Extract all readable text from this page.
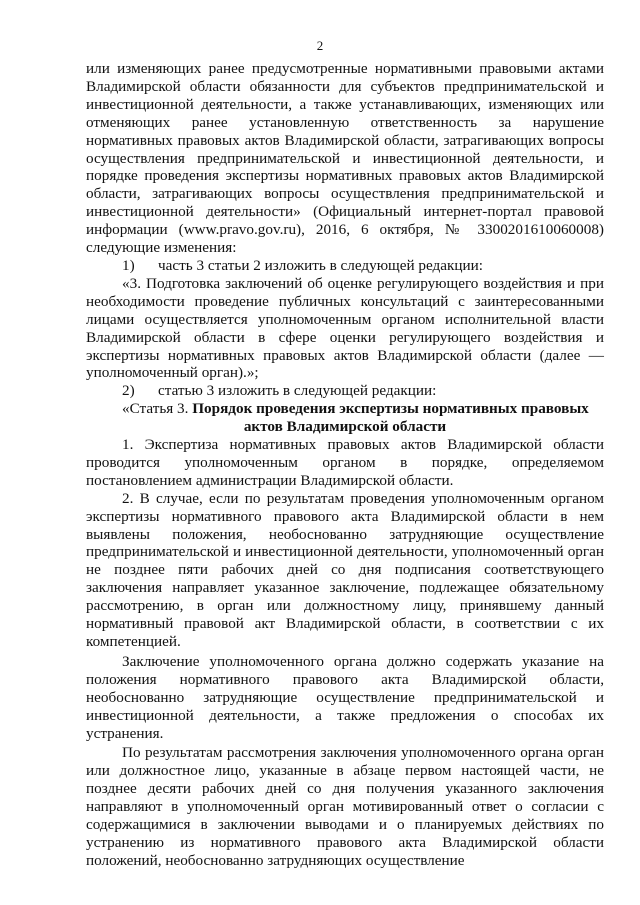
2

или изменяющих ранее предусмотренные нормативными правовыми актами Владимирской области обязанности для субъектов предпринимательской и инвестиционной деятельности, а также устанавливающих, изменяющих или отменяющих ранее установленную ответственность за нарушение нормативных правовых актов Владимирской области, затрагивающих вопросы осуществления предпринимательской и инвестиционной деятельности, и порядке проведения экспертизы нормативных правовых актов Владимирской области, затрагивающих вопросы осуществления предпринимательской и инвестиционной деятельности» (Официальный интернет-портал правовой информации (www.pravo.gov.ru), 2016, 6 октября, № 3300201610060008) следующие изменения:

1) часть 3 статьи 2 изложить в следующей редакции:

«3. Подготовка заключений об оценке регулирующего воздействия и при необходимости проведение публичных консультаций с заинтересованными лицами осуществляется уполномоченным органом исполнительной власти Владимирской области в сфере оценки регулирующего воздействия и экспертизы нормативных правовых актов Владимирской области (далее — уполномоченный орган).»;

2) статью 3 изложить в следующей редакции:

«Статья 3. Порядок проведения экспертизы нормативных правовых

актов Владимирской области

1. Экспертиза нормативных правовых актов Владимирской области проводится уполномоченным органом в порядке, определяемом постановлением администрации Владимирской области.

2. В случае, если по результатам проведения уполномоченным органом экспертизы нормативного правового акта Владимирской области в нем выявлены положения, необоснованно затрудняющие осуществление предпринимательской и инвестиционной деятельности, уполномоченный орган не позднее пяти рабочих дней со дня подписания соответствующего заключения направляет указанное заключение, подлежащее обязательному рассмотрению, в орган или должностному лицу, принявшему данный нормативный правовой акт Владимирской области, в соответствии с их компетенцией.

Заключение уполномоченного органа должно содержать указание на положения нормативного правового акта Владимирской области, необоснованно затрудняющие осуществление предпринимательской и инвестиционной деятельности, а также предложения о способах их устранения.

По результатам рассмотрения заключения уполномоченного органа орган или должностное лицо, указанные в абзаце первом настоящей части, не позднее десяти рабочих дней со дня получения указанного заключения направляют в уполномоченный орган мотивированный ответ о согласии с содержащимися в заключении выводами и о планируемых действиях по устранению из нормативного правового акта Владимирской области положений, необоснованно затрудняющих осуществление
